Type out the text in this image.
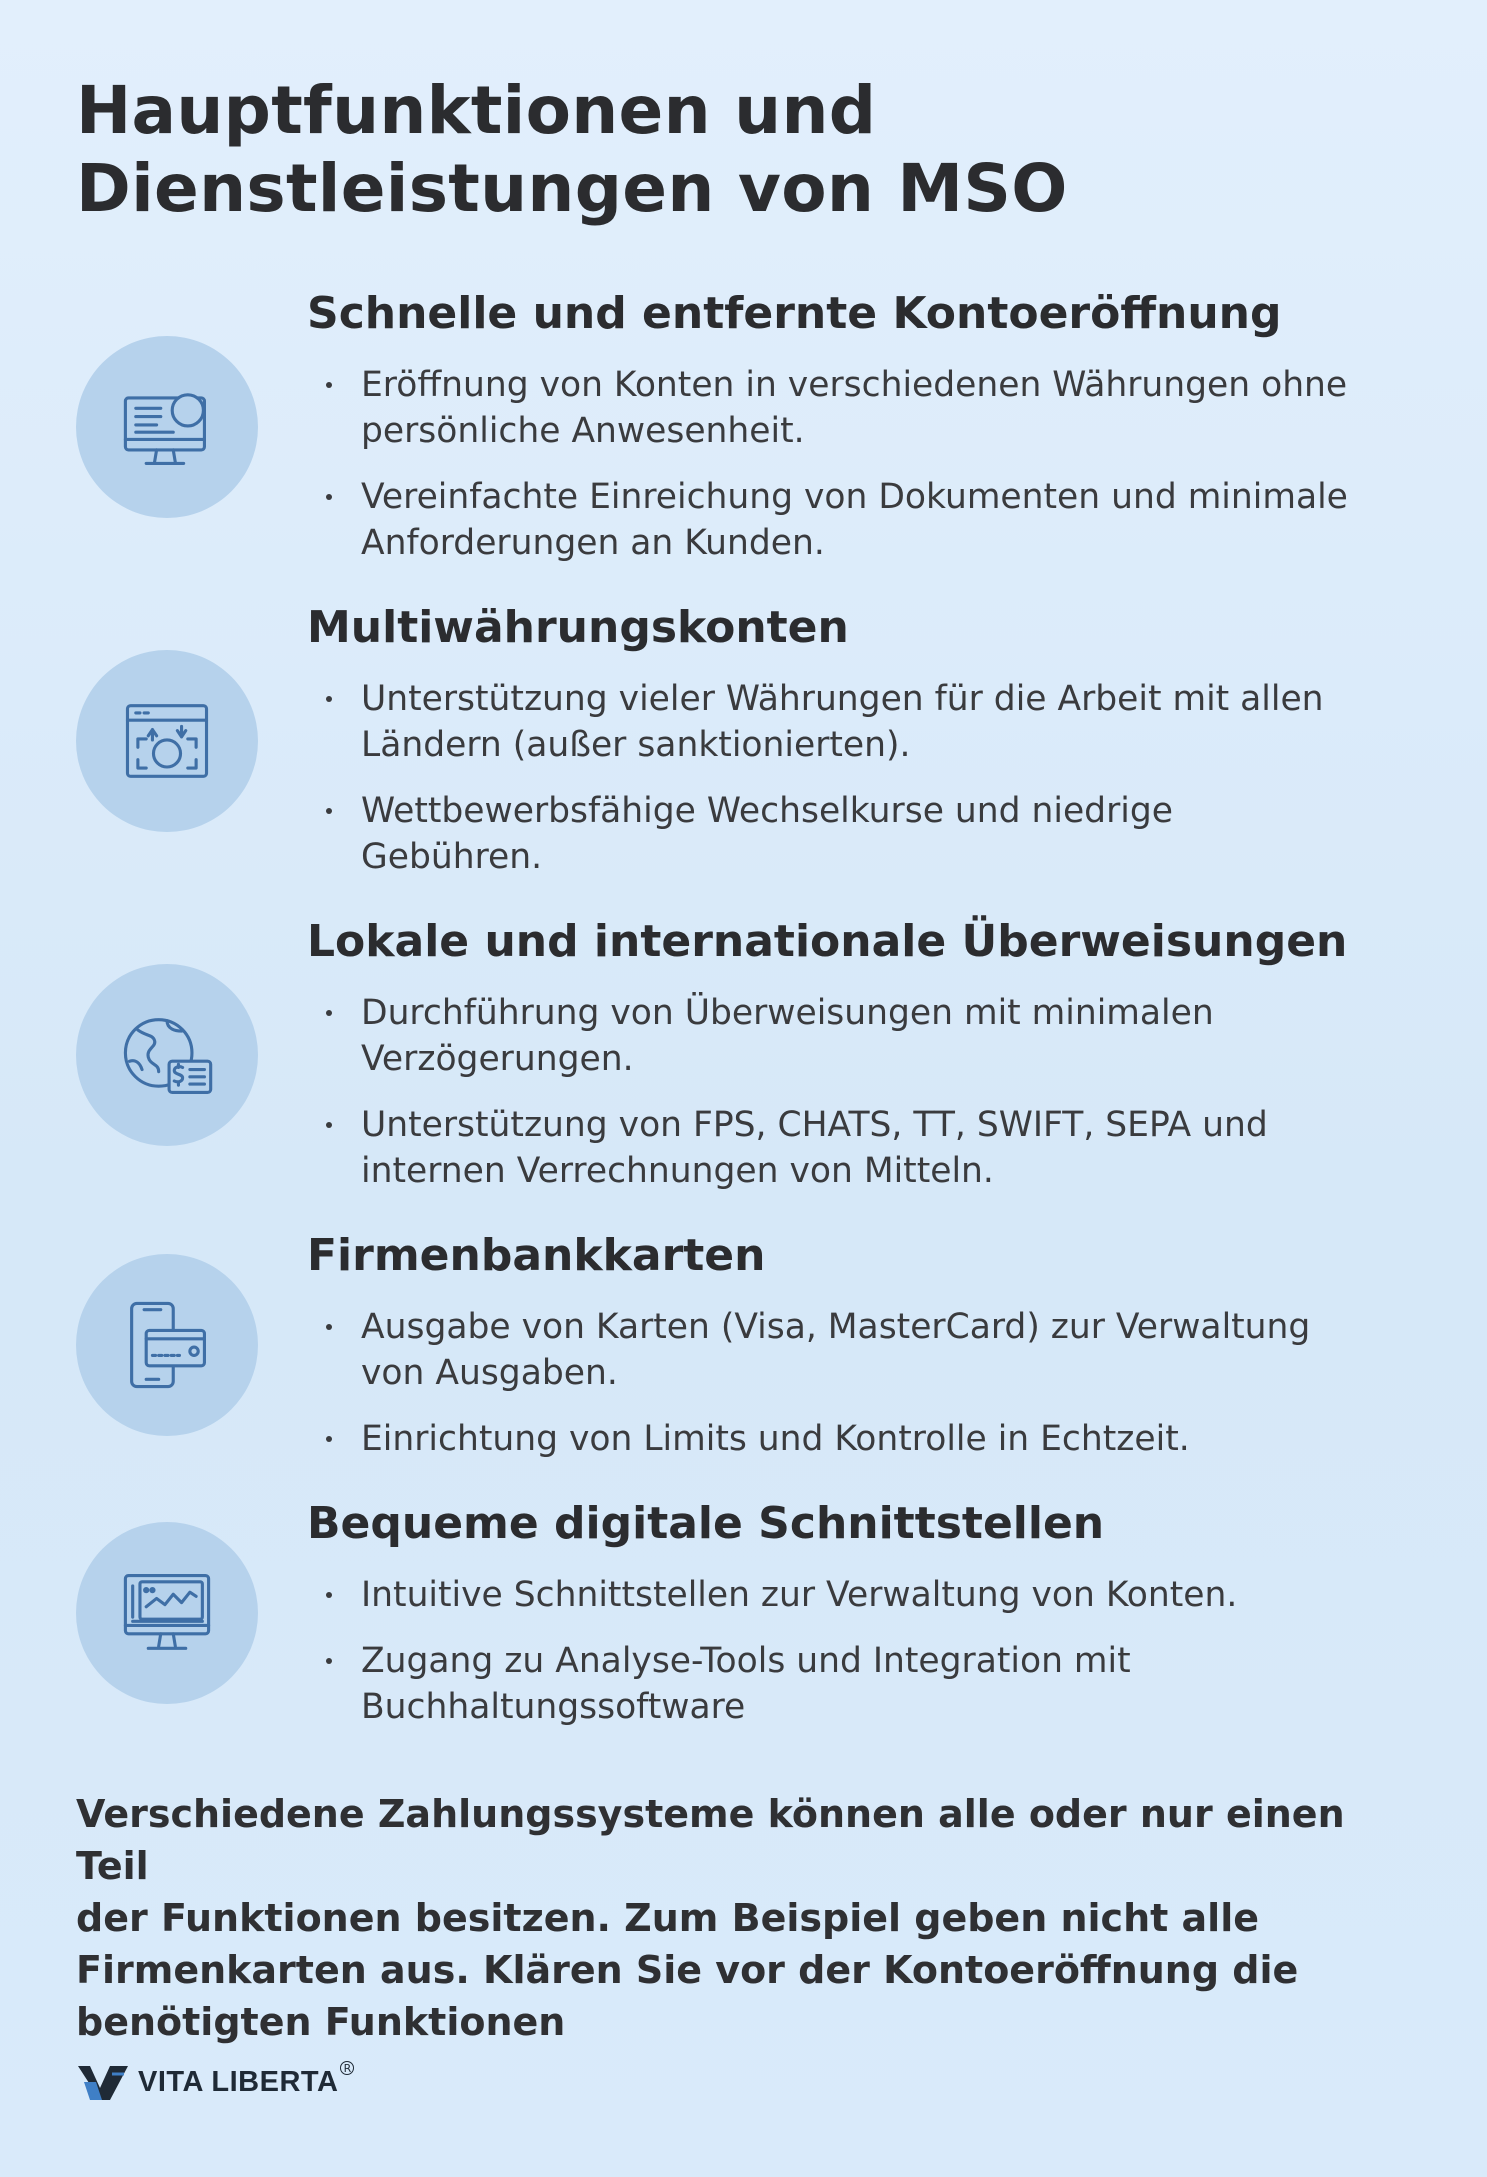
Hauptfunktionen und
Dienstleistungen von MSO
Schnelle und entfernte Kontoeröffnung
Eröffnung von Konten in verschiedenen Währungen ohne
persönliche Anwesenheit.
Vereinfachte Einreichung von Dokumenten und minimale
Anforderungen an Kunden.
Multiwährungskonten
Unterstützung vieler Währungen für die Arbeit mit allen
Ländern (außer sanktionierten).
Wettbewerbsfähige Wechselkurse und niedrige
Gebühren.
Lokale und internationale Überweisungen
Durchführung von Überweisungen mit minimalen
Verzögerungen.
Unterstützung von FPS, CHATS, TT, SWIFT, SEPA und
internen Verrechnungen von Mitteln.
Firmenbankkarten
Ausgabe von Karten (Visa, MasterCard) zur Verwaltung
von Ausgaben.
Einrichtung von Limits und Kontrolle in Echtzeit.
Bequeme digitale Schnittstellen
Intuitive Schnittstellen zur Verwaltung von Konten.
Zugang zu Analyse-Tools und Integration mit
Buchhaltungssoftware
Verschiedene Zahlungssysteme können alle oder nur einen Teil
der Funktionen besitzen. Zum Beispiel geben nicht alle
Firmenkarten aus. Klären Sie vor der Kontoeröffnung die
benötigten Funktionen
VITA LIBERTA R
